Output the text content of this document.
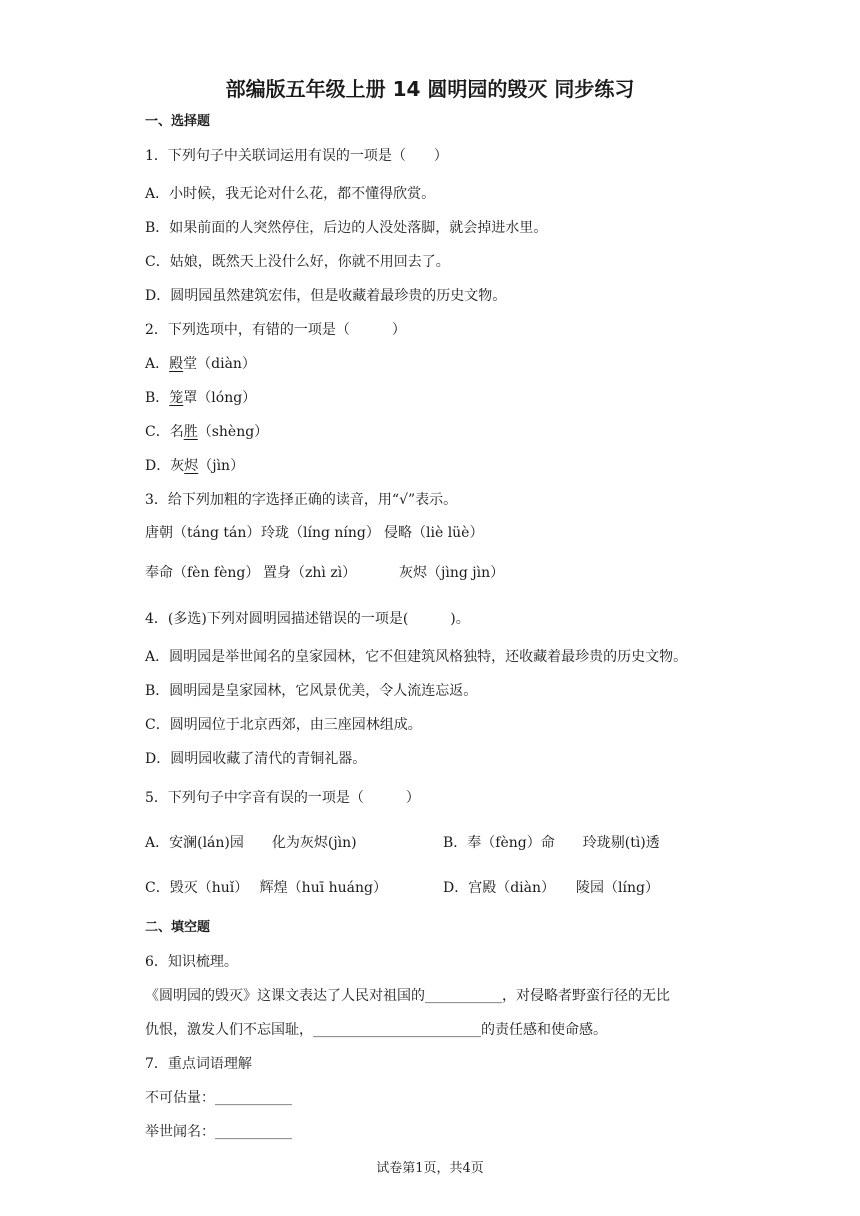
部编版五年级上册 14 圆明园的毁灭 同步练习
一、选择题
1．下列句子中关联词运用有误的一项是（　　）
A．小时候，我无论对什么花，都不懂得欣赏。
B．如果前面的人突然停住，后边的人没处落脚，就会掉进水里。
C．姑娘，既然天上没什么好，你就不用回去了。
D．圆明园虽然建筑宏伟，但是收藏着最珍贵的历史文物。
2．下列选项中，有错的一项是（　　　）
A．殿堂（diàn）
B．笼罩（lóng）
C．名胜（shèng）
D．灰烬（jìn）
3．给下列加粗的字选择正确的读音，用“√”表示。
唐朝（táng tán） 玲珑（líng níng） 侵略（liè lüè）
奉命（fèn fèng） 置身（zhì zì）	灰烬（jìng jìn）
4．(多选)下列对圆明园描述错误的一项是(　　　)。
A．圆明园是举世闻名的皇家园林，它不但建筑风格独特，还收藏着最珍贵的历史文物。
B．圆明园是皇家园林，它风景优美，令人流连忘返。
C．圆明园位于北京西郊，由三座园林组成。
D．圆明园收藏了清代的青铜礼器。
5．下列句子中字音有误的一项是（　　　）
A．安澜(lán)园　　化为灰烬(jìn)	B．奉（fèng）命　　玲珑剔(tì)透
C．毁灭（huǐ）　 辉煌（huī huáng）	D．宫殿（diàn）　　陵园（líng）
二、填空题
6．知识梳理。
《圆明园的毁灭》这课文表达了人民对祖国的___________，对侵略者野蛮行径的无比
仇恨，激发人们不忘国耻，________________________的责任感和使命感。
7．重点词语理解
不可估量：___________
举世闻名：___________
试卷第1页，共4页
